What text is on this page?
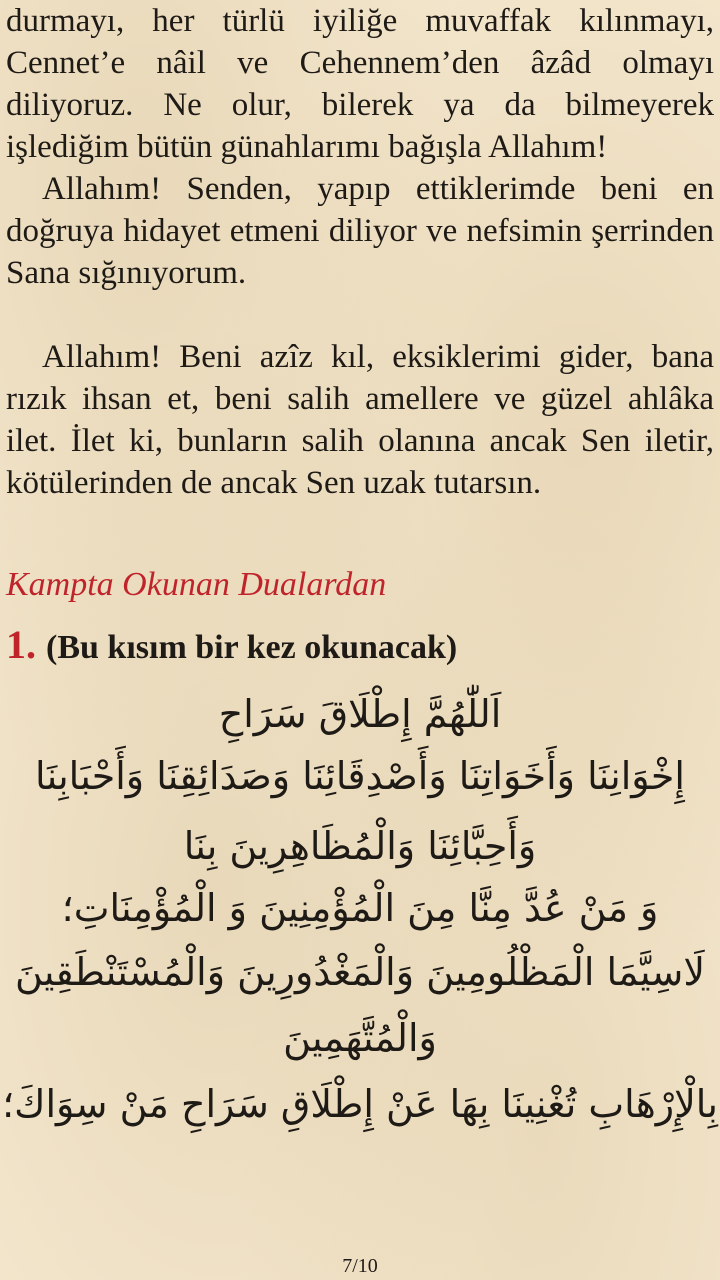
durmayı, her türlü iyiliğe muvaffak kılınmayı, Cennet’e nâil ve Cehennem’den âzâd olmayı diliyoruz. Ne olur, bilerek ya da bilmeyerek işlediğim bütün günahlarımı bağışla Allahım!

Allahım! Senden, yapıp ettiklerimde beni en doğruya hidayet etmeni diliyor ve nefsimin şerrinden Sana sığınıyorum.

Allahım! Beni azîz kıl, eksiklerimi gider, bana rızık ihsan et, beni salih amellere ve güzel ahlâka ilet. İlet ki, bunların salih olanına ancak Sen iletir, kötülerinden de ancak Sen uzak tutarsın.

Kampta Okunan Dualardan
1. (Bu kısım bir kez okunacak)

اَللّٰهُمَّ إِطْلَاقَ سَرَاحِ

إِخْوَانِنَا وَأَخَوَاتِنَا وَأَصْدِقَائِنَا وَصَدَائِقِنَا وَأَحْبَابِنَا

وَأَحِبَّائِنَا وَالْمُظَاهِرِينَ بِنَا

وَ مَنْ عُدَّ مِنَّا مِنَ الْمُؤْمِنِينَ وَ الْمُؤْمِنَاتِ؛

لَاسِيَّمَا الْمَظْلُومِينَ وَالْمَغْدُورِينَ وَالْمُسْتَنْطَقِينَ

وَالْمُتَّهَمِينَ

بِالْإِرْهَابِ تُغْنِينَا بِهَا عَنْ إِطْلَاقِ سَرَاحِ مَنْ سِوَاكَ؛

7/10
